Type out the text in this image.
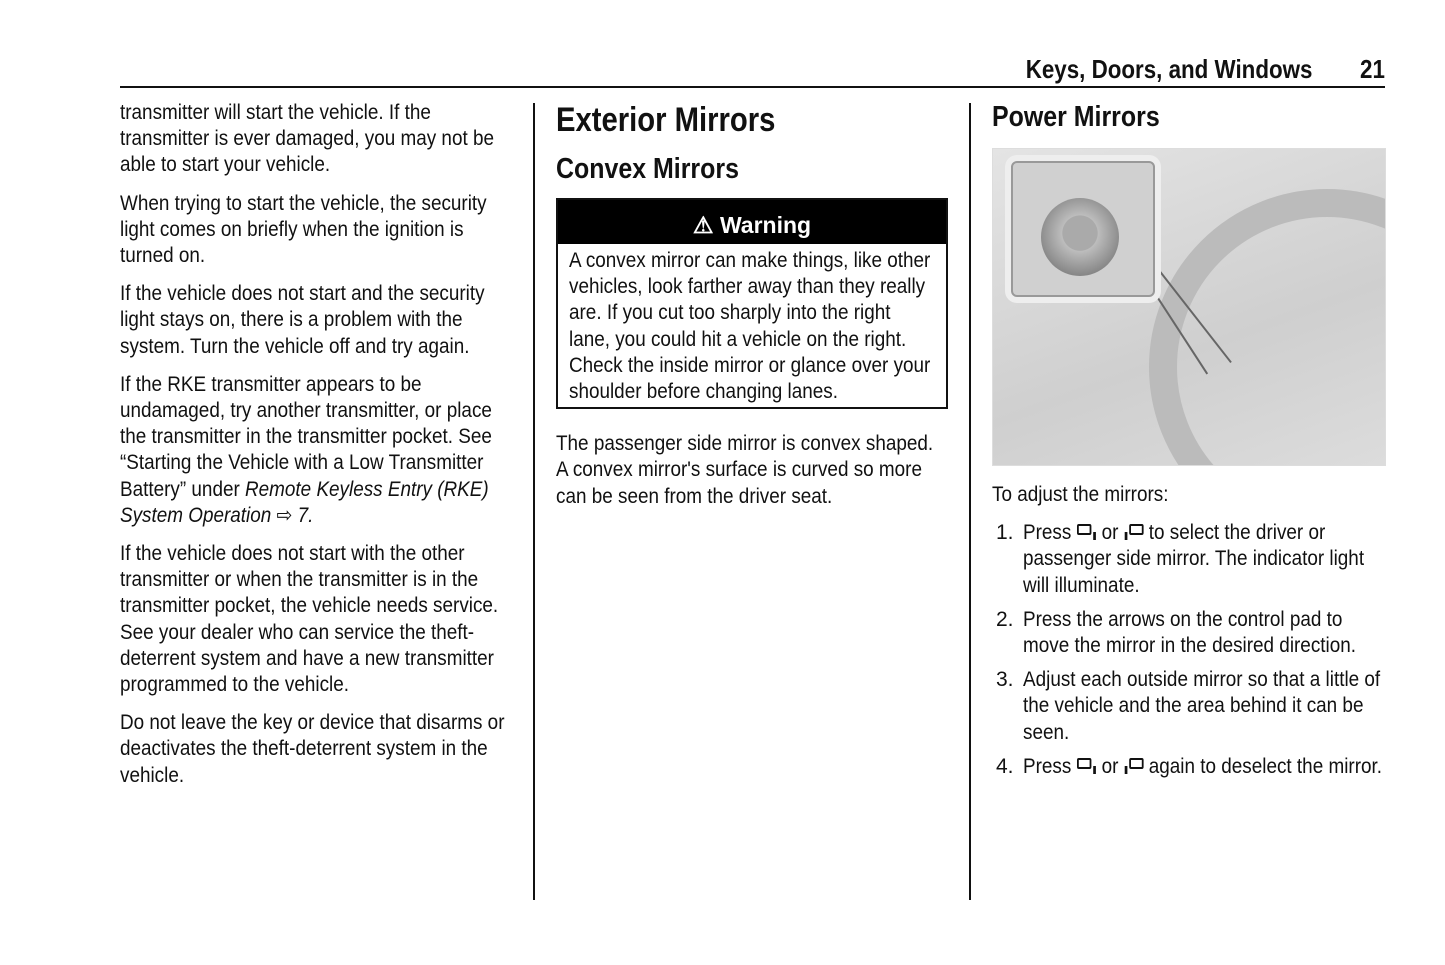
Keys, Doors, and Windows 21

transmitter will start the vehicle. If the transmitter is ever damaged, you may not be able to start your vehicle.

When trying to start the vehicle, the security light comes on briefly when the ignition is turned on.

If the vehicle does not start and the security light stays on, there is a problem with the system. Turn the vehicle off and try again.

If the RKE transmitter appears to be undamaged, try another transmitter, or place the transmitter in the transmitter pocket. See “Starting the Vehicle with a Low Transmitter Battery” under Remote Keyless Entry (RKE) System Operation ⇨ 7.

If the vehicle does not start with the other transmitter or when the transmitter is in the transmitter pocket, the vehicle needs service. See your dealer who can service the theft-deterrent system and have a new transmitter programmed to the vehicle.

Do not leave the key or device that disarms or deactivates the theft-deterrent system in the vehicle.

Exterior Mirrors
Convex Mirrors
⚠ Warning
A convex mirror can make things, like other vehicles, look farther away than they really are. If you cut too sharply into the right lane, you could hit a vehicle on the right. Check the inside mirror or glance over your shoulder before changing lanes.

The passenger side mirror is convex shaped. A convex mirror's surface is curved so more can be seen from the driver seat.

Power Mirrors

To adjust the mirrors:

1. Press or to select the driver or passenger side mirror. The indicator light will illuminate.
2. Press the arrows on the control pad to move the mirror in the desired direction.
3. Adjust each outside mirror so that a little of the vehicle and the area behind it can be seen.
4. Press or again to deselect the mirror.
